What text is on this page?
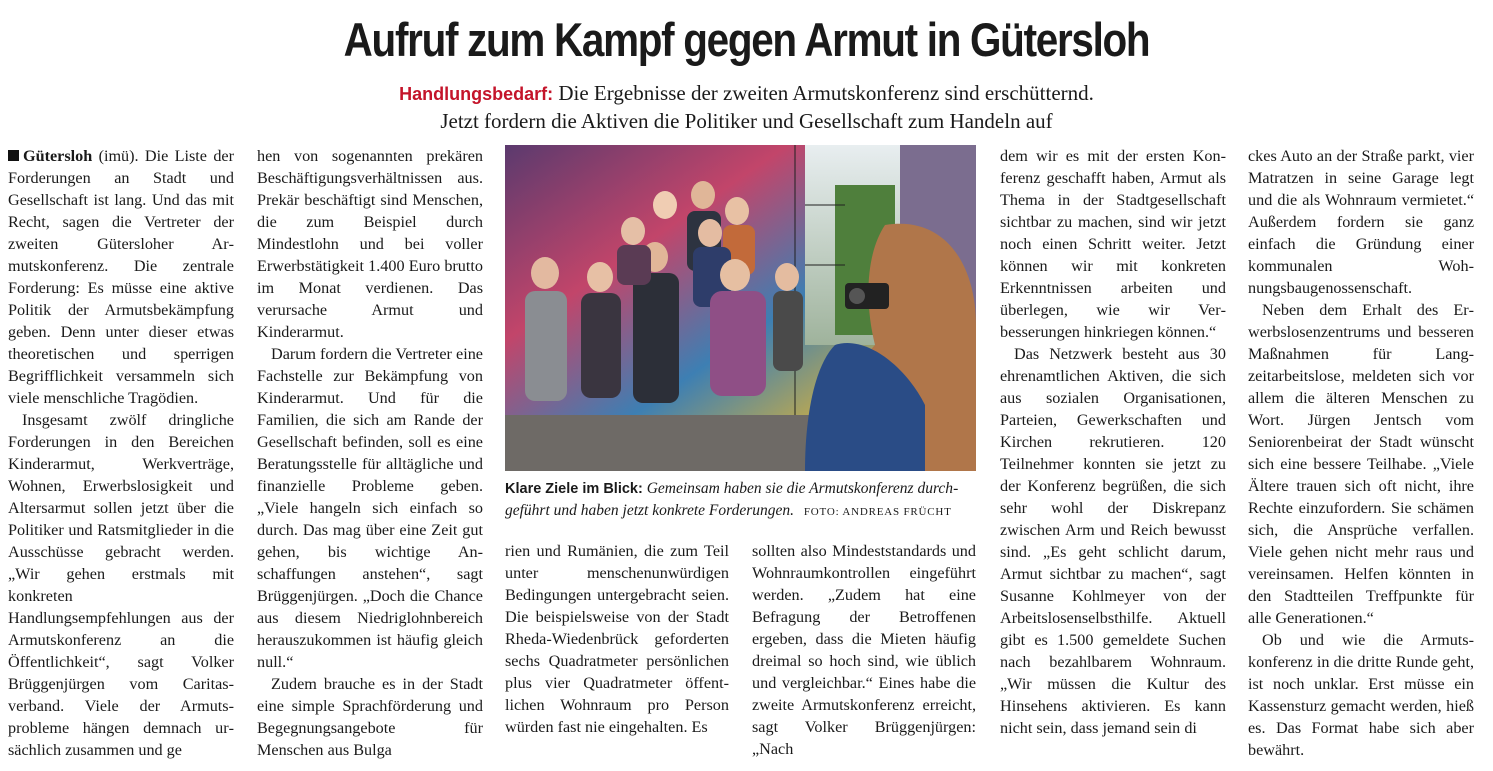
Aufruf zum Kampf gegen Armut in Gütersloh
Handlungsbedarf: Die Ergebnisse der zweiten Armutskonferenz sind erschütternd.
Jetzt fordern die Aktiven die Politiker und Gesellschaft zum Handeln auf

Gütersloh (imü). Die Liste der Forderungen an Stadt und Gesellschaft ist lang. Und das mit Recht, sagen die Vertreter der zweiten Gütersloher Armutskonferenz. Die zentrale Forderung: Es müsse eine aktive Politik der Armutsbekämpfung geben. Denn unter dieser etwas theoretischen und sperrigen Begrifflichkeit versammeln sich viele menschliche Tragödien.

Insgesamt zwölf dringliche Forderungen in den Bereichen Kinderarmut, Werkverträge, Wohnen, Erwerbslosigkeit und Altersarmut sollen jetzt über die Politiker und Ratsmitglieder in die Ausschüsse gebracht werden. „Wir gehen erstmals mit konkreten Handlungsempfehlungen aus der Armutskonferenz an die Öffentlichkeit“, sagt Volker Brüggenjürgen vom Caritasverband. Viele der Armutsprobleme hängen demnach ursächlich zusammen und ge

hen von sogenannten prekären Beschäftigungsverhältnissen aus. Prekär beschäftigt sind Menschen, die zum Beispiel durch Mindestlohn und bei voller Erwerbstätigkeit 1.400 Euro brutto im Monat verdienen. Das verursache Armut und Kinderarmut.

Darum fordern die Vertreter eine Fachstelle zur Bekämpfung von Kinderarmut. Und für die Familien, die sich am Rande der Gesellschaft befinden, soll es eine Beratungsstelle für alltägliche und finanzielle Probleme geben. „Viele hangeln sich einfach so durch. Das mag über eine Zeit gut gehen, bis wichtige Anschaffungen anstehen“, sagt Brüggenjürgen. „Doch die Chance aus diesem Niedriglohnbereich herauszukommen ist häufig gleich null.“

Zudem brauche es in der Stadt eine simple Sprachförderung und Begegnungsangebote für Menschen aus Bulga

Klare Ziele im Blick: Gemeinsam haben sie die Armutskonferenz durchgeführt und haben jetzt konkrete Forderungen. FOTO: ANDREAS FRÜCHT

rien und Rumänien, die zum Teil unter menschenunwürdigen Bedingungen untergebracht seien. Die beispielsweise von der Stadt Rheda-Wiedenbrück geforderten sechs Quadratmeter persönlichen plus vier Quadratmeter öffentlichen Wohnraum pro Person würden fast nie eingehalten. Es

sollten also Mindeststandards und Wohnraumkontrollen eingeführt werden. „Zudem hat eine Befragung der Betroffenen ergeben, dass die Mieten häufig dreimal so hoch sind, wie üblich und vergleichbar.“ Eines habe die zweite Armutskonferenz erreicht, sagt Volker Brüggenjürgen: „Nach

dem wir es mit der ersten Konferenz geschafft haben, Armut als Thema in der Stadtgesellschaft sichtbar zu machen, sind wir jetzt noch einen Schritt weiter. Jetzt können wir mit konkreten Erkenntnissen arbeiten und überlegen, wie wir Verbesserungen hinkriegen können.“

Das Netzwerk besteht aus 30 ehrenamtlichen Aktiven, die sich aus sozialen Organisationen, Parteien, Gewerkschaften und Kirchen rekrutieren. 120 Teilnehmer konnten sie jetzt zu der Konferenz begrüßen, die sich sehr wohl der Diskrepanz zwischen Arm und Reich bewusst sind. „Es geht schlicht darum, Armut sichtbar zu machen“, sagt Susanne Kohlmeyer von der Arbeitslosenselbsthilfe. Aktuell gibt es 1.500 gemeldete Suchen nach bezahlbarem Wohnraum. „Wir müssen die Kultur des Hinsehens aktivieren. Es kann nicht sein, dass jemand sein di

ckes Auto an der Straße parkt, vier Matratzen in seine Garage legt und die als Wohnraum vermietet.“ Außerdem fordern sie ganz einfach die Gründung einer kommunalen Wohnungsbaugenossenschaft.

Neben dem Erhalt des Erwerbslosenzentrums und besseren Maßnahmen für Langzeitarbeitslose, meldeten sich vor allem die älteren Menschen zu Wort. Jürgen Jentsch vom Seniorenbeirat der Stadt wünscht sich eine bessere Teilhabe. „Viele Ältere trauen sich oft nicht, ihre Rechte einzufordern. Sie schämen sich, die Ansprüche verfallen. Viele gehen nicht mehr raus und vereinsamen. Helfen könnten in den Stadtteilen Treffpunkte für alle Generationen.“

Ob und wie die Armutskonferenz in die dritte Runde geht, ist noch unklar. Erst müsse ein Kassensturz gemacht werden, hieß es. Das Format habe sich aber bewährt.
